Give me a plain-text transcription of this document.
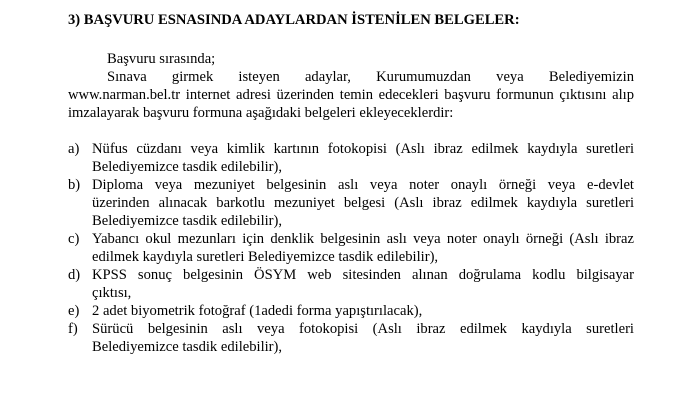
3) BAŞVURU ESNASINDA ADAYLARDAN İSTENİLEN BELGELER:
Başvuru sırasında;
Sınava girmek isteyen adaylar, Kurumumuzdan veya Belediyemizin
www.narman.bel.tr internet adresi üzerinden temin edecekleri başvuru formunun çıktısını alıp
imzalayarak başvuru formuna aşağıdaki belgeleri ekleyeceklerdir:
a) Nüfus cüzdanı veya kimlik kartının fotokopisi (Aslı ibraz edilmek kaydıyla suretleri
Belediyemizce tasdik edilebilir),
b) Diploma veya mezuniyet belgesinin aslı veya noter onaylı örneği veya e-devlet
üzerinden alınacak barkotlu mezuniyet belgesi (Aslı ibraz edilmek kaydıyla suretleri
Belediyemizce tasdik edilebilir),
c) Yabancı okul mezunları için denklik belgesinin aslı veya noter onaylı örneği (Aslı ibraz
edilmek kaydıyla suretleri Belediyemizce tasdik edilebilir),
d) KPSS sonuç belgesinin ÖSYM web sitesinden alınan doğrulama kodlu bilgisayar
çıktısı,
e) 2 adet biyometrik fotoğraf (1adedi forma yapıştırılacak),
f) Sürücü belgesinin aslı veya fotokopisi (Aslı ibraz edilmek kaydıyla suretleri
Belediyemizce tasdik edilebilir),
